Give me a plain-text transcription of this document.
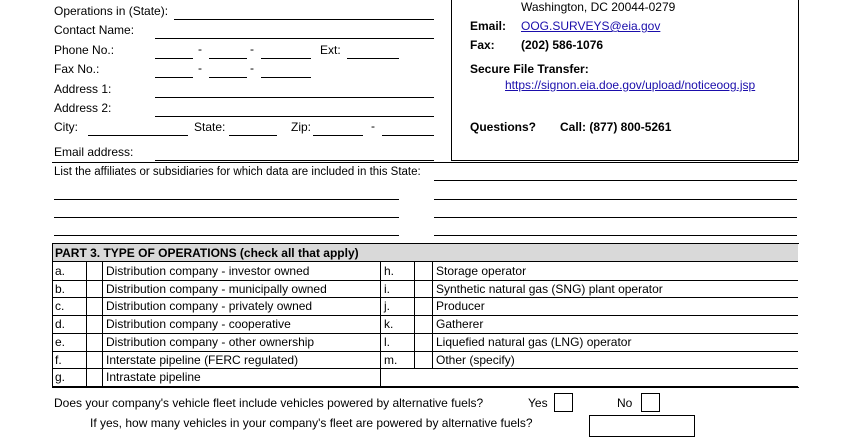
Operations in (State):
Contact Name:
Phone No.:	-	-	Ext:
Fax No.:	-	-
Address 1:
Address 2:
City:	State:	Zip:	-
Email address:
Washington, DC 20044-0279
Email: OOG.SURVEYS@eia.gov
Fax: (202) 586-1076
Secure File Transfer:
https://signon.eia.doe.gov/upload/noticeoog.jsp
Questions? Call: (877) 800-5261
List the affiliates or subsidiaries for which data are included in this State:
PART 3. TYPE OF OPERATIONS (check all that apply)
a.	Distribution company - investor owned
b.	Distribution company - municipally owned
c.	Distribution company - privately owned
d.	Distribution company - cooperative
e.	Distribution company - other ownership
f.	Interstate pipeline (FERC regulated)
g.	Intrastate pipeline
h.	Storage operator
i.	Synthetic natural gas (SNG) plant operator
j.	Producer
k.	Gatherer
l.	Liquefied natural gas (LNG) operator
m.	Other (specify)
Does your company's vehicle fleet include vehicles powered by alternative fuels?	Yes	No
If yes, how many vehicles in your company's fleet are powered by alternative fuels?
